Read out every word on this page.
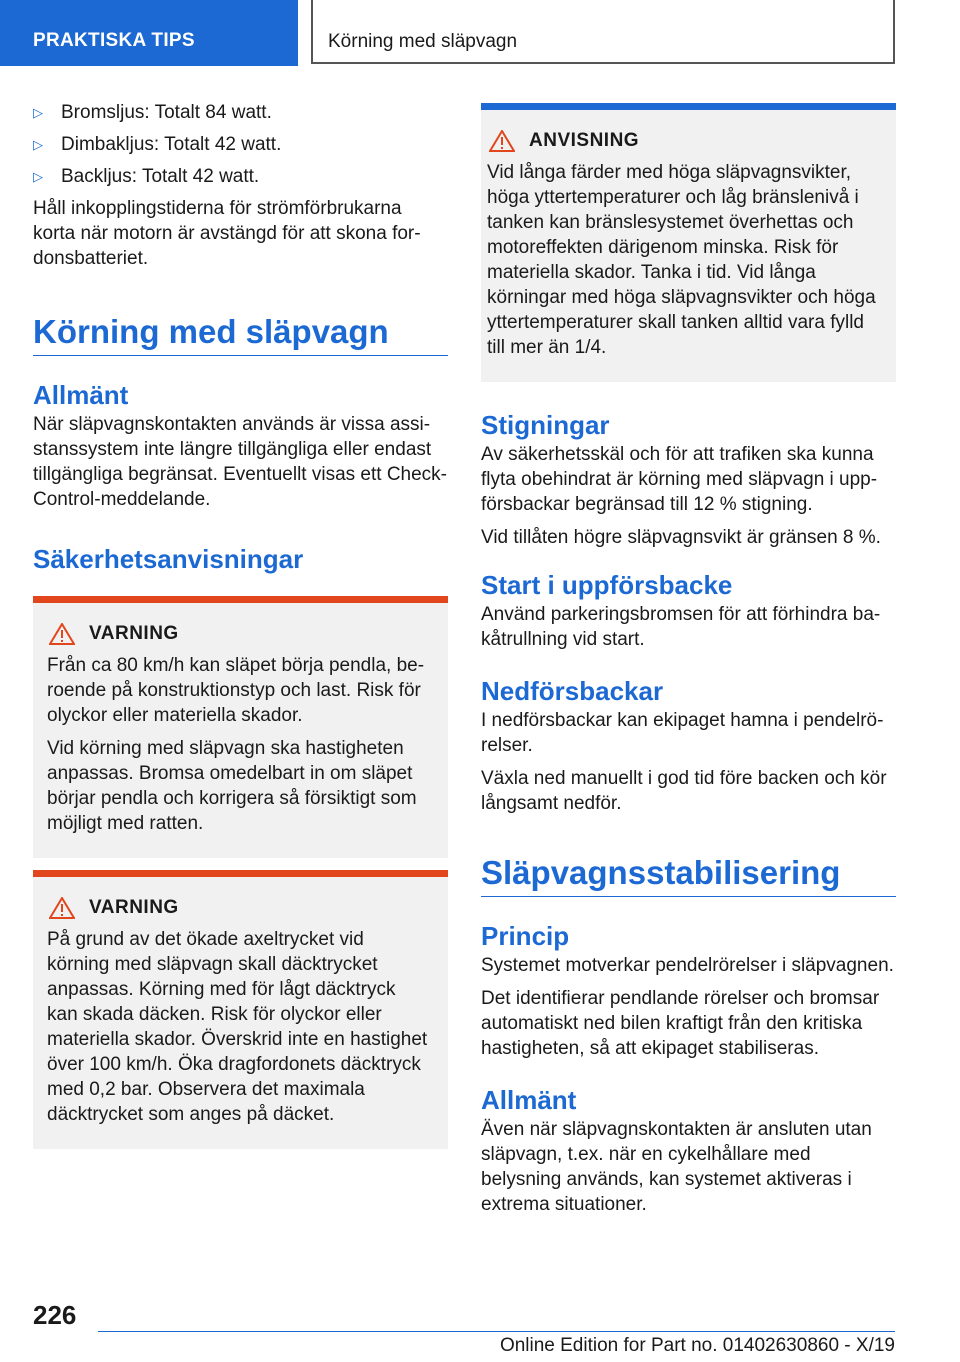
PRAKTISKA TIPS	Körning med släpvagn
▷ Bromsljus: Totalt 84 watt.
▷ Dimbakljus: Totalt 42 watt.
▷ Backljus: Totalt 42 watt.

Håll inkopplingstiderna för strömförbrukarna korta när motorn är avstängd för att skona fordonsbatteriet.

Körning med släpvagn
Allmänt

När släpvagnskontakten används är vissa assistanssystem inte längre tillgängliga eller endast tillgängliga begränsat. Eventuellt visas ett Check-Control-meddelande.

Säkerhetsanvisningar
VARNING

Från ca 80 km/h kan släpet börja pendla, beroende på konstruktionstyp och last. Risk för olyckor eller materiella skador.

Vid körning med släpvagn ska hastigheten anpassas. Bromsa omedelbart in om släpet börjar pendla och korrigera så försiktigt som möjligt med ratten.

VARNING

På grund av det ökade axeltrycket vid körning med släpvagn skall däcktrycket anpassas. Körning med för lågt däcktryck kan skada däcken. Risk för olyckor eller materiella skador. Överskrid inte en hastighet över 100 km/h. Öka dragfordonets däcktryck med 0,2 bar. Observera det maximala däcktrycket som anges på däcket.

ANVISNING

Vid långa färder med höga släpvagnsvikter, höga yttertemperaturer och låg bränslenivå i tanken kan bränslesystemet överhettas och motoreffekten därigenom minska. Risk för materiella skador. Tanka i tid. Vid långa körningar med höga släpvagnsvikter och höga yttertemperaturer skall tanken alltid vara fylld till mer än 1/4.

Stigningar

Av säkerhetsskäl och för att trafiken ska kunna flyta obehindrat är körning med släpvagn i uppförsbackar begränsad till 12 % stigning.

Vid tillåten högre släpvagnsvikt är gränsen 8 %.

Start i uppförsbacke

Använd parkeringsbromsen för att förhindra bakåtrullning vid start.

Nedförsbackar

I nedförsbackar kan ekipaget hamna i pendelrörelser.

Växla ned manuellt i god tid före backen och kör långsamt nedför.

Släpvagnsstabilisering
Princip

Systemet motverkar pendelrörelser i släpvagnen.

Det identifierar pendlande rörelser och bromsar automatiskt ned bilen kraftigt från den kritiska hastigheten, så att ekipaget stabiliseras.

Allmänt

Även när släpvagnskontakten är ansluten utan släpvagn, t.ex. när en cykelhållare med belysning används, kan systemet aktiveras i extrema situationer.

226
Online Edition for Part no. 01402630860 - X/19
